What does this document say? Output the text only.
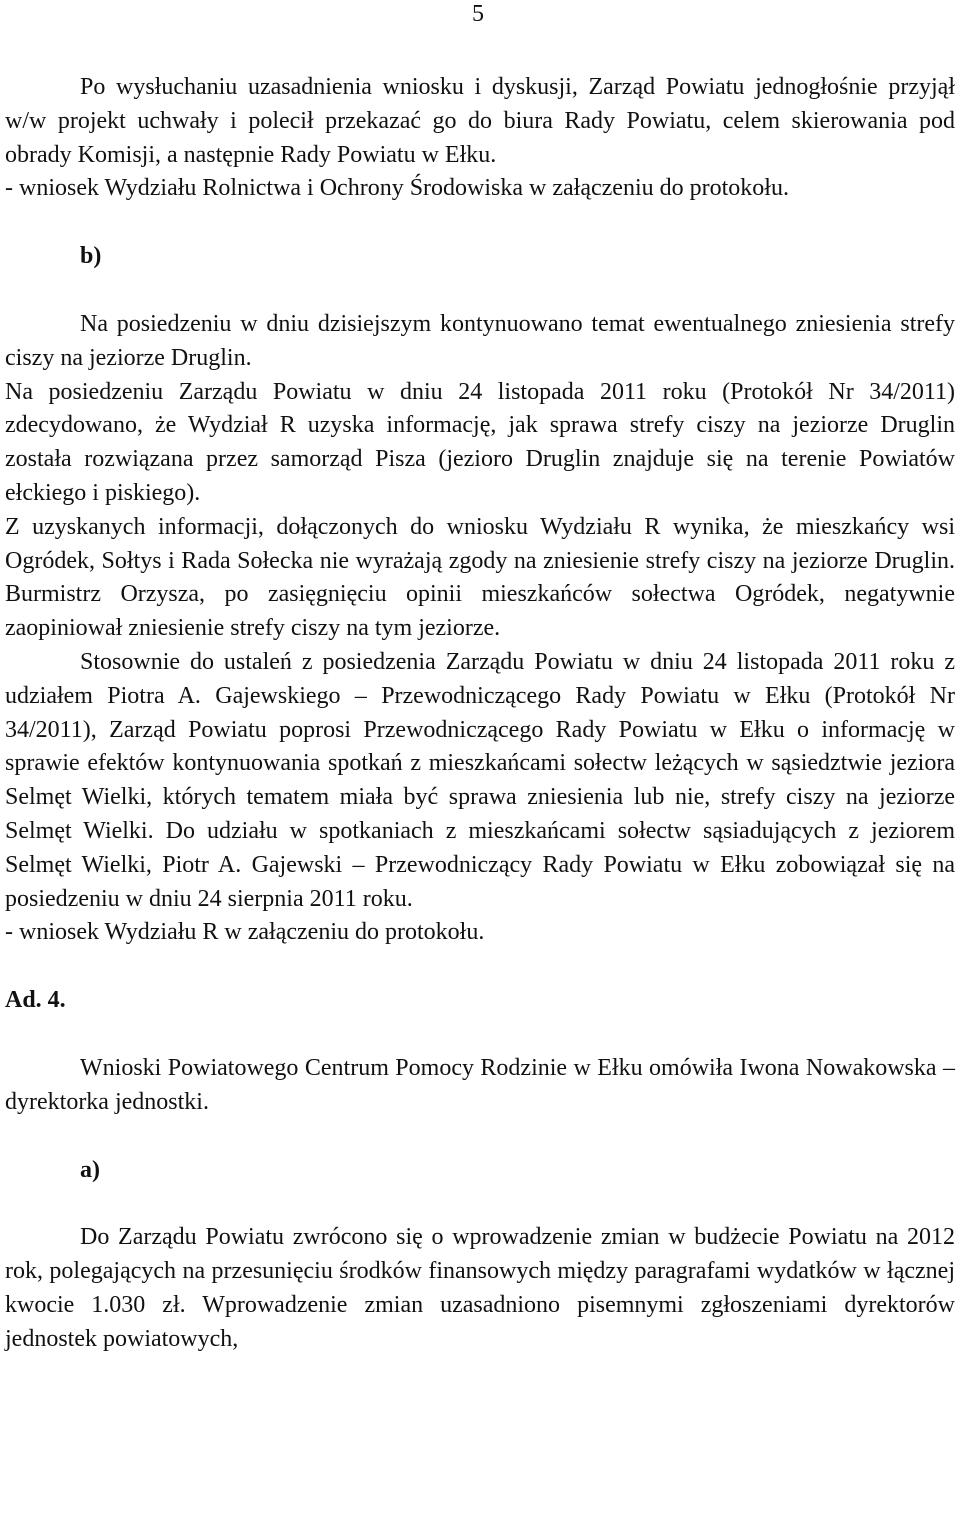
5

Po wysłuchaniu uzasadnienia wniosku i dyskusji, Zarząd Powiatu jednogłośnie przyjął w/w projekt uchwały i polecił przekazać go do biura Rady Powiatu, celem skierowania pod obrady Komisji, a następnie Rady Powiatu w Ełku.

- wniosek Wydziału Rolnictwa i Ochrony Środowiska w załączeniu do protokołu.

b)

Na posiedzeniu w dniu dzisiejszym kontynuowano temat ewentualnego zniesienia strefy ciszy na jeziorze Druglin.

Na posiedzeniu Zarządu Powiatu w dniu 24 listopada 2011 roku (Protokół Nr 34/2011) zdecydowano, że Wydział R uzyska informację, jak sprawa strefy ciszy na jeziorze Druglin została rozwiązana przez samorząd Pisza (jezioro Druglin znajduje się na terenie Powiatów ełckiego i piskiego).

Z uzyskanych informacji, dołączonych do wniosku Wydziału R wynika, że mieszkańcy wsi Ogródek, Sołtys i Rada Sołecka nie wyrażają zgody na zniesienie strefy ciszy na jeziorze Druglin. Burmistrz Orzysza, po zasięgnięciu opinii mieszkańców sołectwa Ogródek, negatywnie zaopiniował zniesienie strefy ciszy na tym jeziorze.

Stosownie do ustaleń z posiedzenia Zarządu Powiatu w dniu 24 listopada 2011 roku z udziałem Piotra A. Gajewskiego – Przewodniczącego Rady Powiatu w Ełku (Protokół Nr 34/2011), Zarząd Powiatu poprosi Przewodniczącego Rady Powiatu w Ełku o informację w sprawie efektów kontynuowania spotkań z mieszkańcami sołectw leżących w sąsiedztwie jeziora Selmęt Wielki, których tematem miała być sprawa zniesienia lub nie, strefy ciszy na jeziorze Selmęt Wielki. Do udziału w spotkaniach z mieszkańcami sołectw sąsiadujących z jeziorem Selmęt Wielki, Piotr A. Gajewski – Przewodniczący Rady Powiatu w Ełku zobowiązał się na posiedzeniu w dniu 24 sierpnia 2011 roku.

- wniosek Wydziału R w załączeniu do protokołu.

Ad. 4.

Wnioski Powiatowego Centrum Pomocy Rodzinie w Ełku omówiła Iwona Nowakowska – dyrektorka jednostki.

a)

Do Zarządu Powiatu zwrócono się o wprowadzenie zmian w budżecie Powiatu na 2012 rok, polegających na przesunięciu środków finansowych między paragrafami wydatków w łącznej kwocie 1.030 zł. Wprowadzenie zmian uzasadniono pisemnymi zgłoszeniami dyrektorów jednostek powiatowych,
